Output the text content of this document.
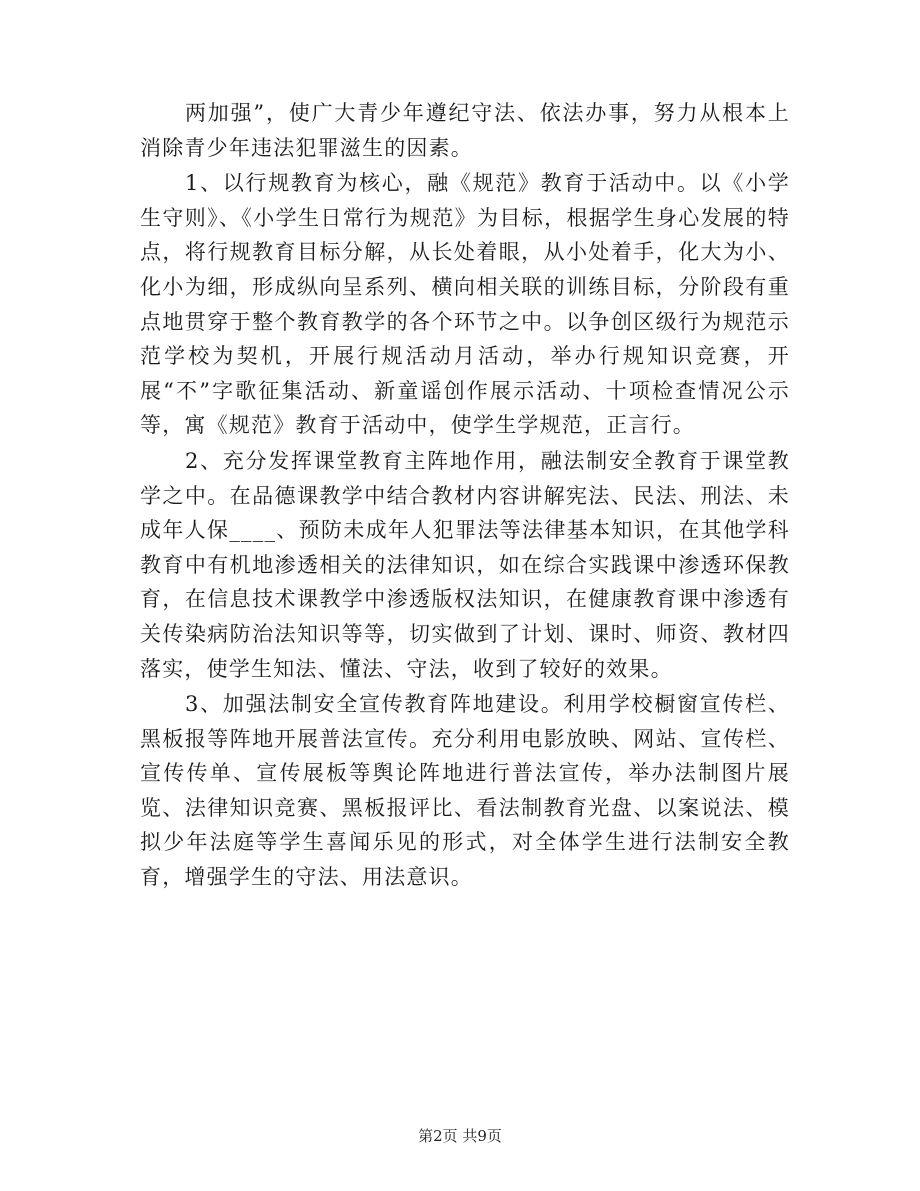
两加强”，使广大青少年遵纪守法、依法办事，努力从根本上消除青少年违法犯罪滋生的因素。

1、以行规教育为核心，融《规范》教育于活动中。以《小学生守则》、《小学生日常行为规范》为目标，根据学生身心发展的特点，将行规教育目标分解，从长处着眼，从小处着手，化大为小、化小为细，形成纵向呈系列、横向相关联的训练目标，分阶段有重点地贯穿于整个教育教学的各个环节之中。以争创区级行为规范示范学校为契机，开展行规活动月活动，举办行规知识竞赛，开展“不”字歌征集活动、新童谣创作展示活动、十项检查情况公示等，寓《规范》教育于活动中，使学生学规范，正言行。

2、充分发挥课堂教育主阵地作用，融法制安全教育于课堂教学之中。在品德课教学中结合教材内容讲解宪法、民法、刑法、未成年人保____、预防未成年人犯罪法等法律基本知识，在其他学科教育中有机地渗透相关的法律知识，如在综合实践课中渗透环保教育，在信息技术课教学中渗透版权法知识，在健康教育课中渗透有关传染病防治法知识等等，切实做到了计划、课时、师资、教材四落实，使学生知法、懂法、守法，收到了较好的效果。

3、加强法制安全宣传教育阵地建设。利用学校橱窗宣传栏、黑板报等阵地开展普法宣传。充分利用电影放映、网站、宣传栏、宣传传单、宣传展板等舆论阵地进行普法宣传，举办法制图片展览、法律知识竞赛、黑板报评比、看法制教育光盘、以案说法、模拟少年法庭等学生喜闻乐见的形式，对全体学生进行法制安全教育，增强学生的守法、用法意识。

第2页 共9页
